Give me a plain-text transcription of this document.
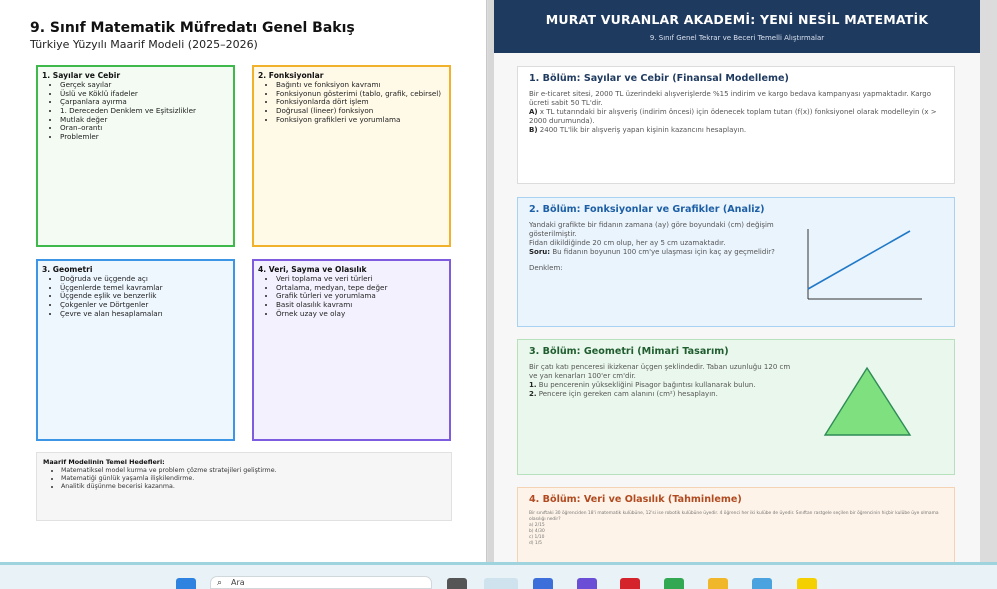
9. Sınıf Matematik Müfredatı Genel Bakış
Türkiye Yüzyılı Maarif Modeli (2025–2026)
1. Sayılar ve Cebir
• Gerçek sayılar
• Üslü ve Köklü ifadeler
• Çarpanlara ayırma
• 1. Dereceden Denklem ve Eşitsizlikler
• Mutlak değer
• Oran–orantı
• Problemler
2. Fonksiyonlar
• Bağıntı ve fonksiyon kavramı
• Fonksiyonun gösterimi (tablo, grafik, cebirsel)
• Fonksiyonlarda dört işlem
• Doğrusal (lineer) fonksiyon
• Fonksiyon grafikleri ve yorumlama
3. Geometri
• Doğruda ve üçgende açı
• Üçgenlerde temel kavramlar
• Üçgende eşlik ve benzerlik
• Çokgenler ve Dörtgenler
• Çevre ve alan hesaplamaları
4. Veri, Sayma ve Olasılık
• Veri toplama ve veri türleri
• Ortalama, medyan, tepe değer
• Grafik türleri ve yorumlama
• Basit olasılık kavramı
• Örnek uzay ve olay
Maarif Modelinin Temel Hedefleri:
• Matematiksel model kurma ve problem çözme stratejileri geliştirme.
• Matematiği günlük yaşamla ilişkilendirme.
• Analitik düşünme becerisi kazanma.
MURAT VURANLAR AKADEMİ: YENİ NESİL MATEMATİK
9. Sınıf Genel Tekrar ve Beceri Temelli Alıştırmalar
1. Bölüm: Sayılar ve Cebir (Finansal Modelleme)

Bir e-ticaret sitesi, 2000 TL üzerindeki alışverişlerde %15 indirim ve kargo bedava kampanyası yapmaktadır. Kargo ücreti sabit 50 TL'dir.

A) x TL tutarındaki bir alışveriş (indirim öncesi) için ödenecek toplam tutarı (f(x)) fonksiyonel olarak modelleyin (x > 2000 durumunda).

B) 2400 TL'lik bir alışveriş yapan kişinin kazancını hesaplayın.

2. Bölüm: Fonksiyonlar ve Grafikler (Analiz)

Yandaki grafikte bir fidanın zamana (ay) göre boyundaki (cm) değişim gösterilmiştir.

Fidan dikildiğinde 20 cm olup, her ay 5 cm uzamaktadır.

Soru: Bu fidanın boyunun 100 cm'ye ulaşması için kaç ay geçmelidir?

Denklem:

3. Bölüm: Geometri (Mimari Tasarım)

Bir çatı katı penceresi ikizkenar üçgen şeklindedir. Taban uzunluğu 120 cm ve yan kenarları 100'er cm'dir.

1. Bu pencerenin yüksekliğini Pisagor bağıntısı kullanarak bulun.

2. Pencere için gereken cam alanını (cm²) hesaplayın.

4. Bölüm: Veri ve Olasılık (Tahminleme)

Bir sınıftaki 30 öğrenciden 18'i matematik kulübüne, 12'si ise robotik kulübüne üyedir. 4 öğrenci her iki kulübe de üyedir. Sınıftan rastgele seçilen bir öğrencinin hiçbir kulübe üye olmama olasılığı nedir?

a) 2/15

b) 4/30

c) 1/10

d) 1/5

⌕ Ara
